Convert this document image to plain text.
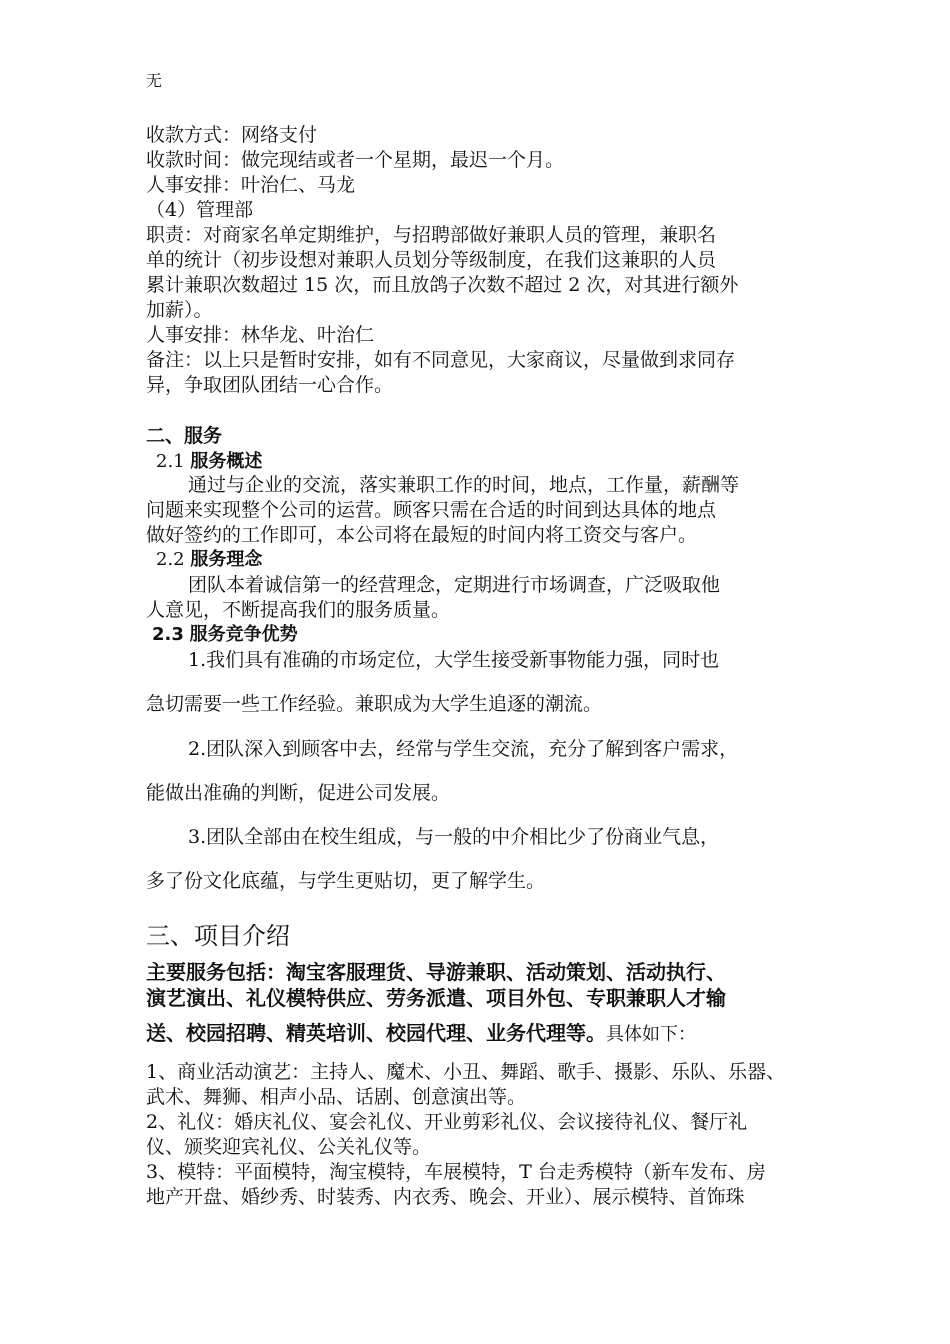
无
收款方式：网络支付
收款时间：做完现结或者一个星期，最迟一个月。
人事安排：叶治仁、马龙
（4）管理部
职责：对商家名单定期维护，与招聘部做好兼职人员的管理，兼职名
单的统计（初步设想对兼职人员划分等级制度，在我们这兼职的人员
累计兼职次数超过 15 次，而且放鸽子次数不超过 2 次，对其进行额外
加薪）。
人事安排：林华龙、叶治仁
备注：以上只是暂时安排，如有不同意见，大家商议，尽量做到求同存
异，争取团队团结一心合作。
二、服务
2.1 服务概述
通过与企业的交流，落实兼职工作的时间，地点，工作量，薪酬等
问题来实现整个公司的运营。顾客只需在合适的时间到达具体的地点
做好签约的工作即可，本公司将在最短的时间内将工资交与客户。
2.2 服务理念
团队本着诚信第一的经营理念，定期进行市场调查，广泛吸取他
人意见，不断提高我们的服务质量。
2.3 服务竞争优势
1.我们具有准确的市场定位，大学生接受新事物能力强，同时也
急切需要一些工作经验。兼职成为大学生追逐的潮流。
2.团队深入到顾客中去，经常与学生交流，充分了解到客户需求，
能做出准确的判断，促进公司发展。
3.团队全部由在校生组成，与一般的中介相比少了份商业气息，
多了份文化底蕴，与学生更贴切，更了解学生。
三、项目介绍
主要服务包括：淘宝客服理货、导游兼职、活动策划、活动执行、
演艺演出、礼仪模特供应、劳务派遣、项目外包、专职兼职人才输
送、校园招聘、精英培训、校园代理、业务代理等。具体如下：
1、商业活动演艺：主持人、魔术、小丑、舞蹈、歌手、摄影、乐队、乐器、
武术、舞狮、相声小品、话剧、创意演出等。
2、礼仪：婚庆礼仪、宴会礼仪、开业剪彩礼仪、会议接待礼仪、餐厅礼
仪、颁奖迎宾礼仪、公关礼仪等。
3、模特：平面模特，淘宝模特，车展模特，T 台走秀模特（新车发布、房
地产开盘、婚纱秀、时装秀、内衣秀、晚会、开业）、展示模特、首饰珠
